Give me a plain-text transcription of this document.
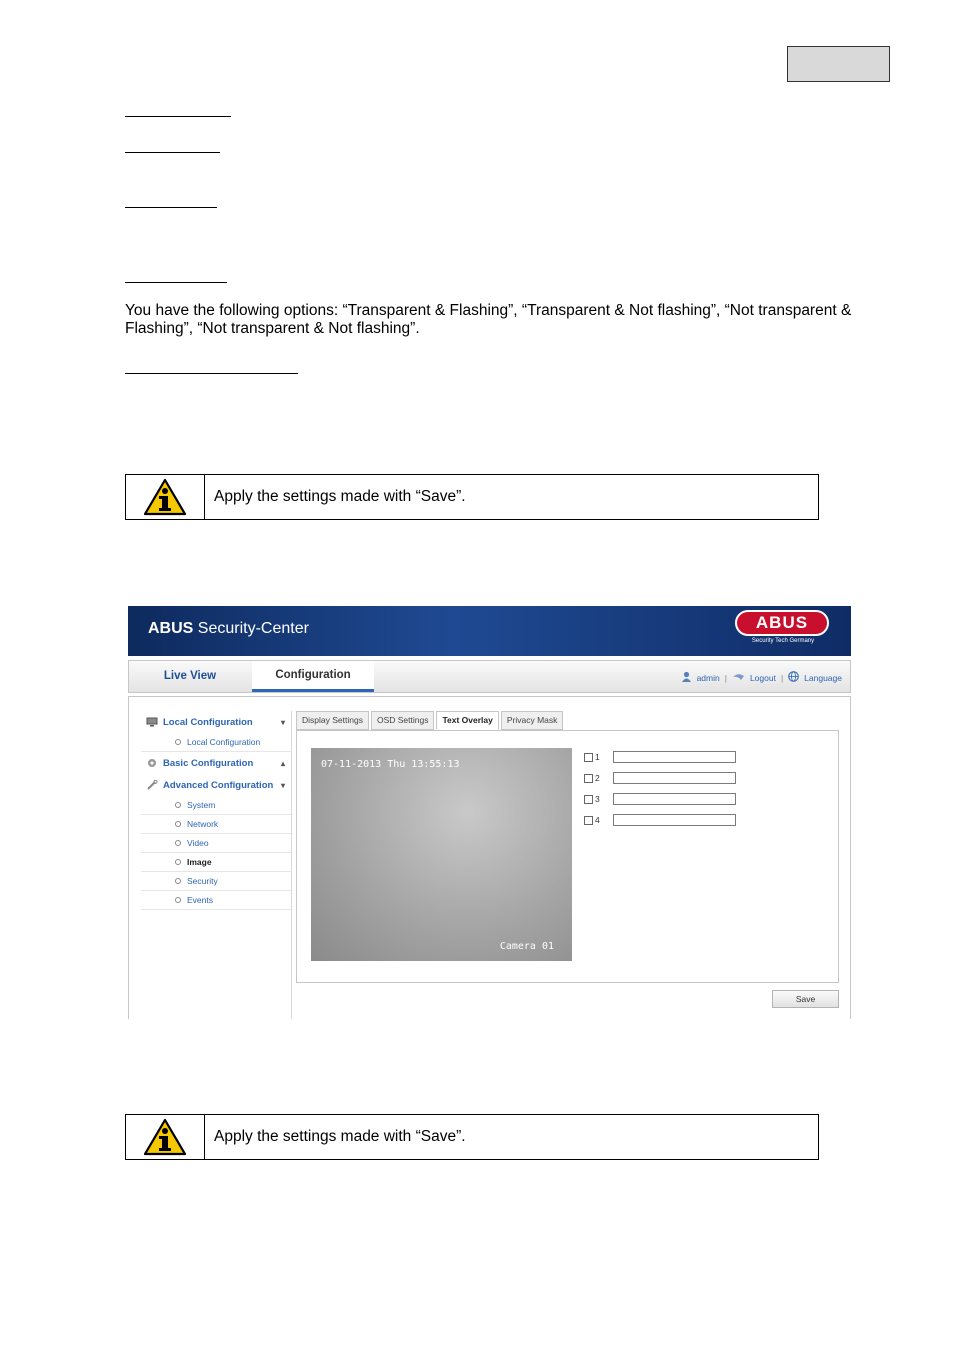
You have the following options: “Transparent & Flashing”, “Transparent & Not flashing”, “Not transparent & Flashing”, “Not transparent & Not flashing”.
Apply the settings made with “Save”.
ABUS Security-Center	ABUS
Security Tech Germany
Live View	Configuration	admin |	Logout | Language
Local Configuration	▾
Local Configuration
Basic Configuration	▴
Advanced Configuration ▾
System
Network
Video
Image
Security
Events
Display Settings	OSD Settings	Text Overlay	Privacy Mask
07-11-2013 Thu 13:55:13
Camera 01
1
2
3
4
Save
Apply the settings made with “Save”.
